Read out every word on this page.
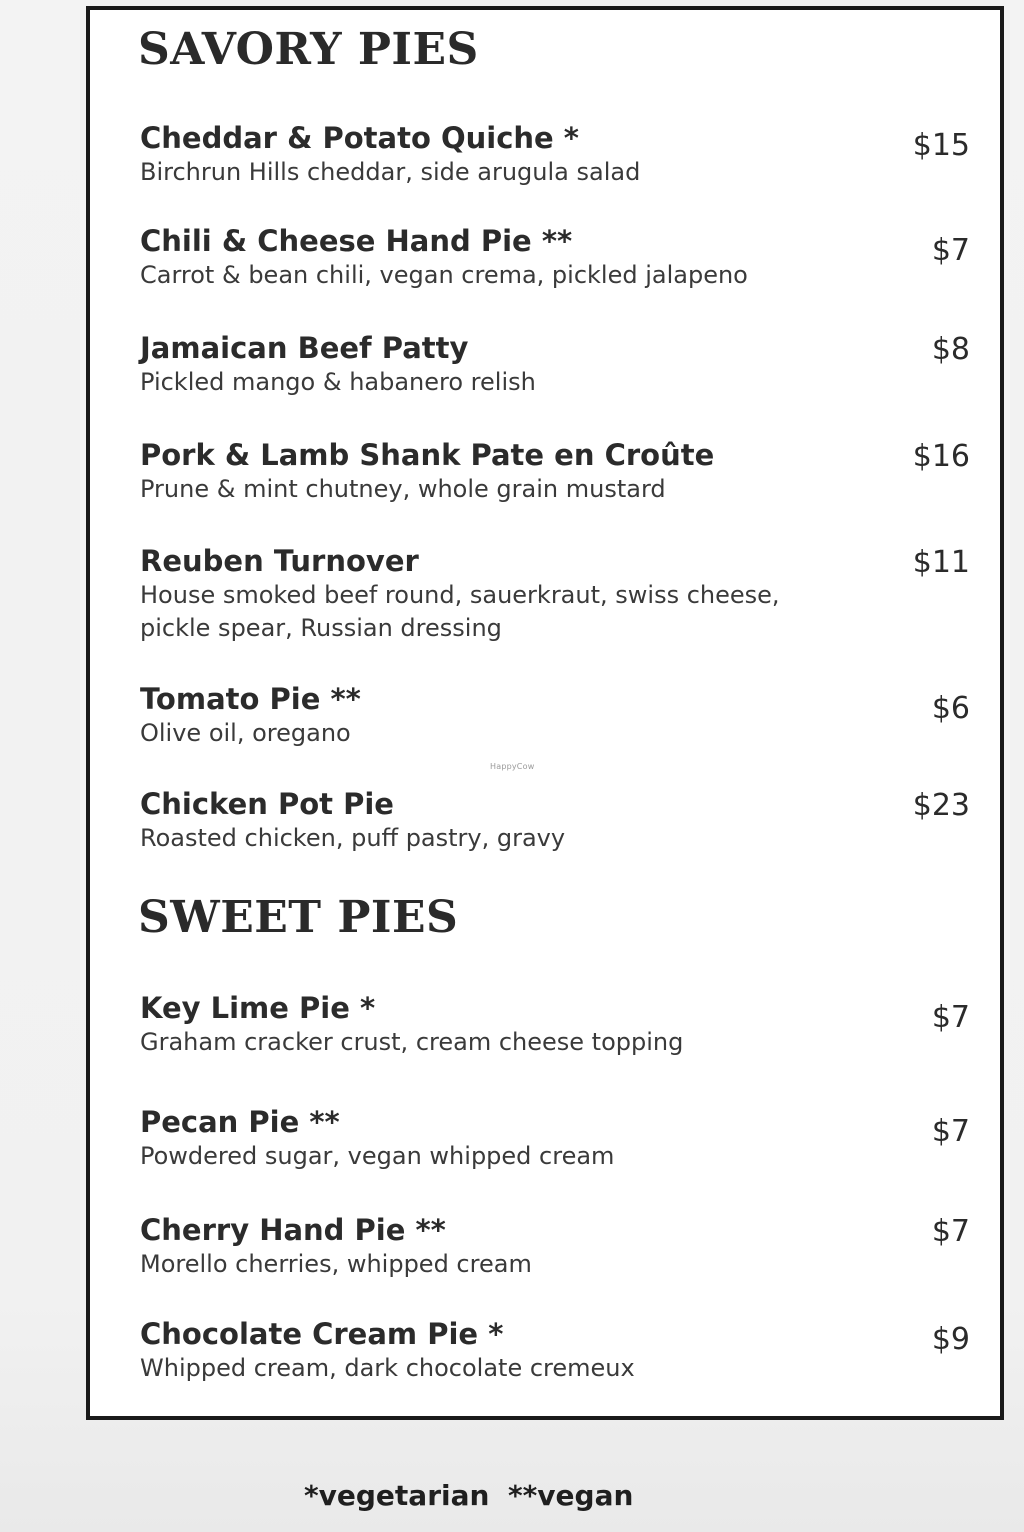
SAVORY PIES
Cheddar & Potato Quiche *
Birchrun Hills cheddar, side arugula salad
$15
Chili & Cheese Hand Pie **
Carrot & bean chili, vegan crema, pickled jalapeno
$7
Jamaican Beef Patty
Pickled mango & habanero relish
$8
Pork & Lamb Shank Pate en Croûte
Prune & mint chutney, whole grain mustard
$16
Reuben Turnover
House smoked beef round, sauerkraut, swiss cheese, pickle spear, Russian dressing
$11
Tomato Pie **
Olive oil, oregano
$6
Chicken Pot Pie
Roasted chicken, puff pastry, gravy
$23
SWEET PIES
Key Lime Pie *
Graham cracker crust, cream cheese topping
$7
Pecan Pie **
Powdered sugar, vegan whipped cream
$7
Cherry Hand Pie **
Morello cherries, whipped cream
$7
Chocolate Cream Pie *
Whipped cream, dark chocolate cremeux
$9
HappyCow
*vegetarian **vegan
